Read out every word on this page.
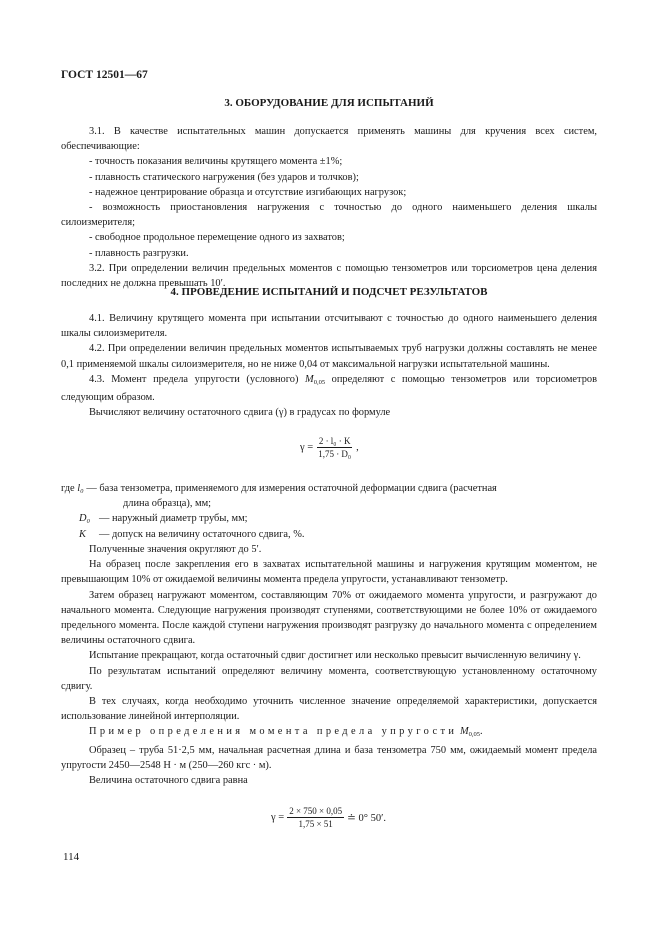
ГОСТ 12501—67
3. ОБОРУДОВАНИЕ ДЛЯ ИСПЫТАНИЙ

3.1. В качестве испытательных машин допускается применять машины для кручения всех систем, обеспечивающие:

- точность показания величины крутящего момента ±1%;

- плавность статического нагружения (без ударов и толчков);

- надежное центрирование образца и отсутствие изгибающих нагрузок;

- возможность приостановления нагружения с точностью до одного наименьшего деления шкалы силоизмерителя;

- свободное продольное перемещение одного из захватов;

- плавность разгрузки.

3.2. При определении величин предельных моментов с помощью тензометров или торсиометров цена деления последних не должна превышать 10′.

4. ПРОВЕДЕНИЕ ИСПЫТАНИЙ И ПОДСЧЕТ РЕЗУЛЬТАТОВ

4.1. Величину крутящего момента при испытании отсчитывают с точностью до одного наименьшего деления шкалы силоизмерителя.

4.2. При определении величин предельных моментов испытываемых труб нагрузки должны составлять не менее 0,1 применяемой шкалы силоизмерителя, но не ниже 0,04 от максимальной нагрузки испытательной машины.

4.3. Момент предела упругости (условного) $M_{0,05}$ определяют с помощью тензометров или торсиометров следующим образом.

Вычисляют величину остаточного сдвига (γ) в градусах по формуле

$\gamma = \frac{\text{2 · l₀ · K}}{\text{1,75 · D₀}}$ ,
где
l₀
— база тензометра, применяемого для измерения остаточной деформации сдвига (расчетная
длина образца), мм;
D₀ — наружный диаметр трубы, мм;
K	— допуск на величину остаточного сдвига, %.

Полученные значения округляют до 5′.

На образец после закрепления его в захватах испытательной машины и нагружения крутящим моментом, не превышающим 10% от ожидаемой величины момента предела упругости, устанавливают тензометр.

Затем образец нагружают моментом, составляющим 70% от ожидаемого момента упругости, и разгружают до начального момента. Следующие нагружения производят ступенями, соответствующими не более 10% от ожидаемого предельного момента. После каждой ступени нагружения производят разгрузку до начального момента с определением величины остаточного сдвига.

Испытание прекращают, когда остаточный сдвиг достигнет или несколько превысит вычисленную величину γ.

По результатам испытаний определяют величину момента, соответствующую установленному остаточному сдвигу.

В тех случаях, когда необходимо уточнить численное значение определяемой характеристики, допускается использование линейной интерполяции.

Пример определения момента предела упругости $M_{0,05}$.

Образец – труба 51·2,5 мм, начальная расчетная длина и база тензометра 750 мм, ожидаемый момент предела упругости 2450—2548 Н · м (250—260 кгс · м).

Величина остаточного сдвига равна

$\gamma = \frac{2 \times 750 \times 0,05}{1,75 \times 51}$ ≐ 0° 50′.
114
